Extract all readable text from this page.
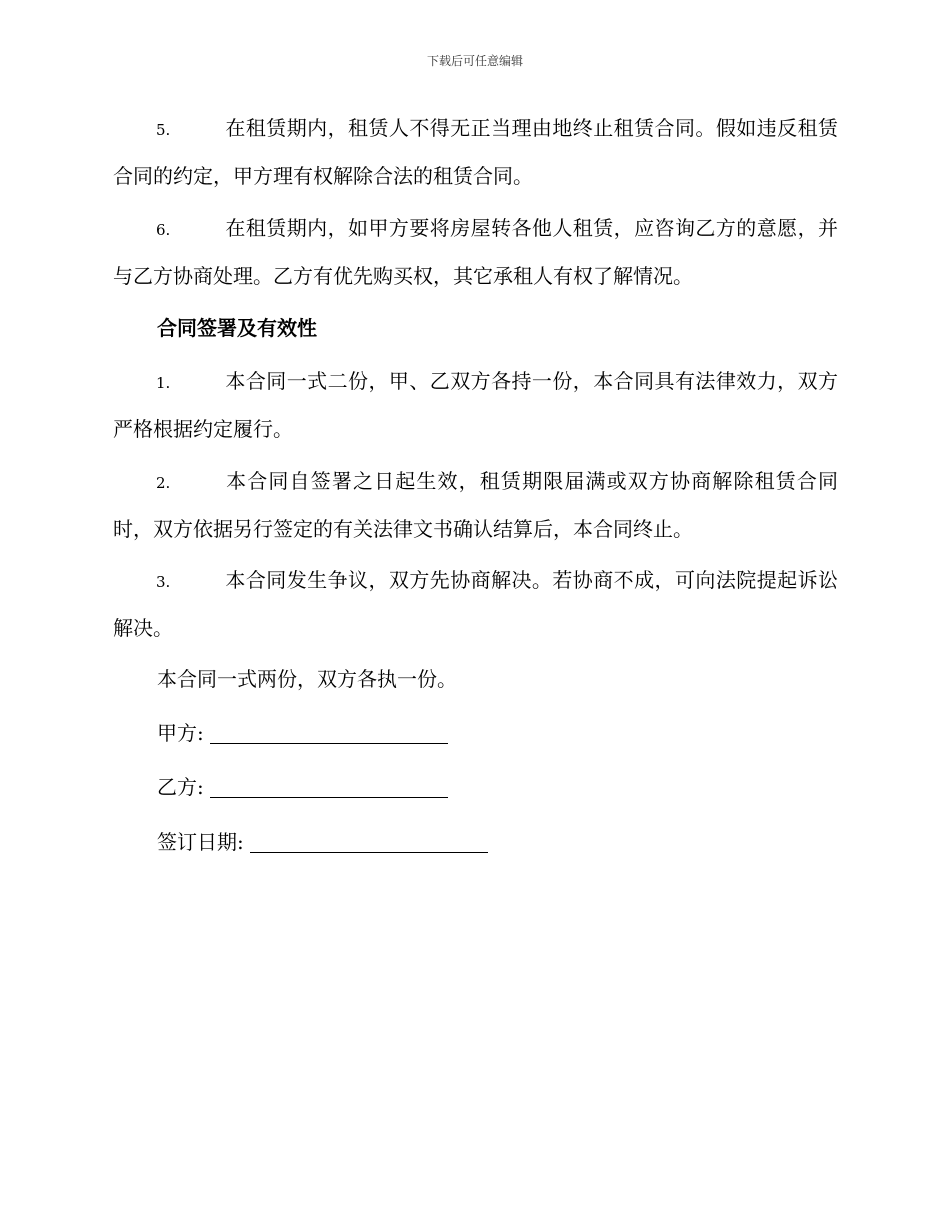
下载后可任意编辑
5.	在租赁期内，租赁人不得无正当理由地终止租赁合同。假如违反租赁合同的约定，甲方理有权解除合法的租赁合同。
6.	在租赁期内，如甲方要将房屋转各他人租赁，应咨询乙方的意愿，并与乙方协商处理。乙方有优先购买权，其它承租人有权了解情况。
合同签署及有效性
1.	本合同一式二份，甲、乙双方各持一份，本合同具有法律效力，双方严格根据约定履行。
2.	本合同自签署之日起生效，租赁期限届满或双方协商解除租赁合同时，双方依据另行签定的有关法律文书确认结算后，本合同终止。
3.	本合同发生争议，双方先协商解决。若协商不成，可向法院提起诉讼解决。
本合同一式两份，双方各执一份。
甲方:
乙方:
签订日期:
